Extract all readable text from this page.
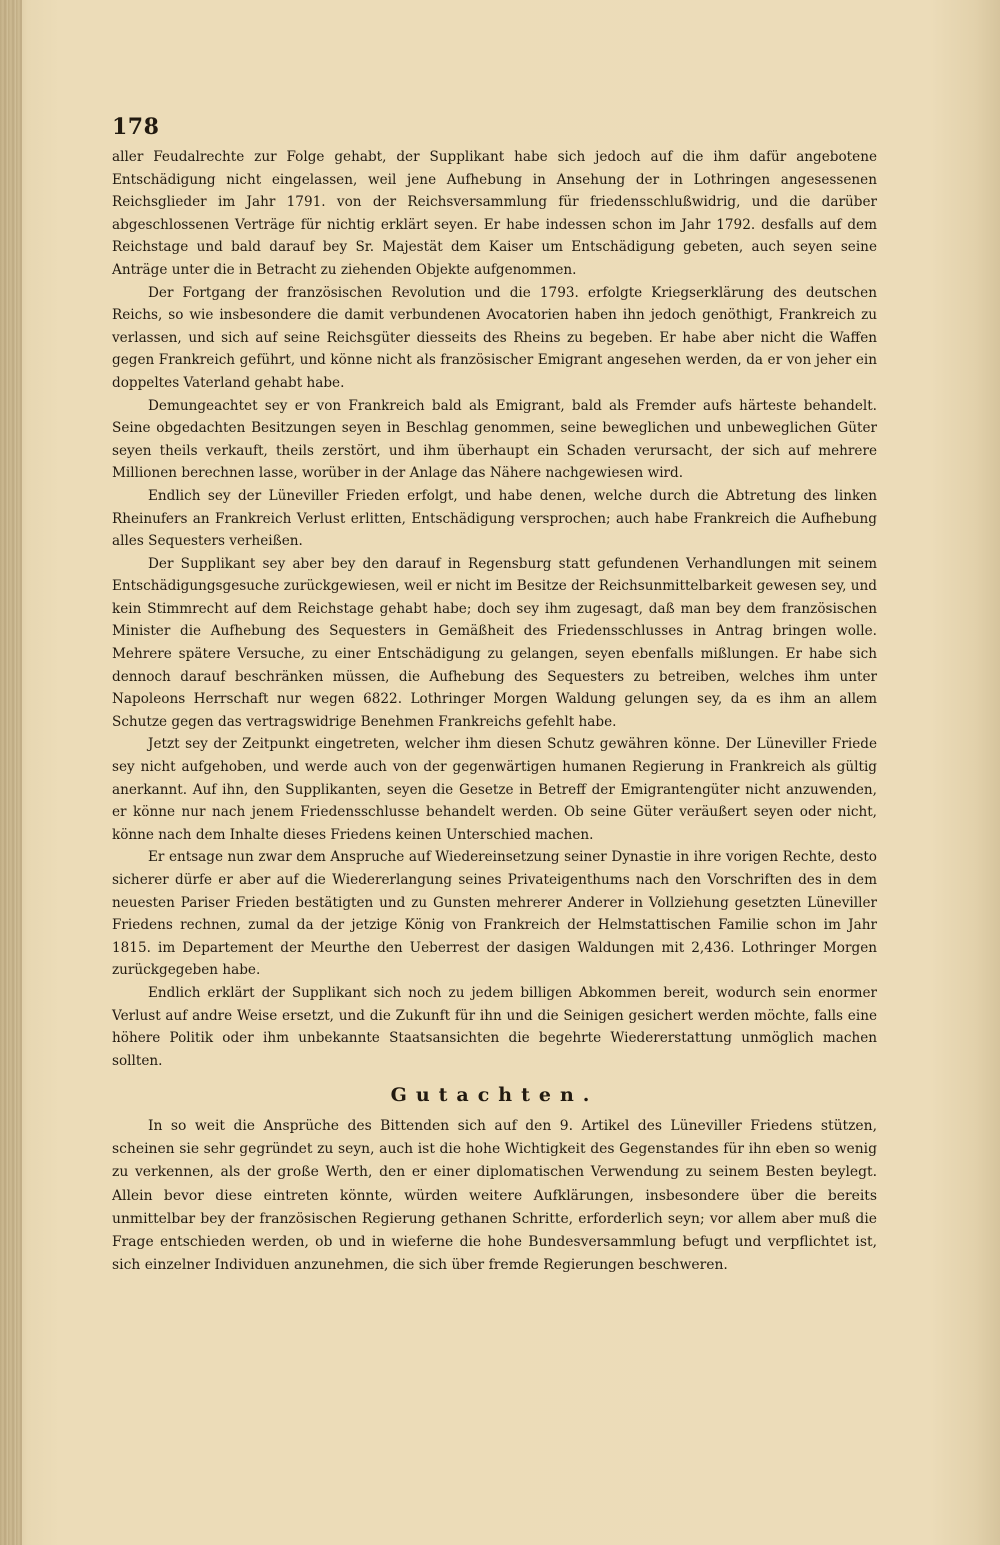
178

aller Feudalrechte zur Folge gehabt, der Supplikant habe sich jedoch auf die ihm dafür angebotene Entschädigung nicht eingelassen, weil jene Aufhebung in Ansehung der in Lothringen angesessenen Reichsglieder im Jahr 1791. von der Reichsversammlung für friedensschlußwidrig, und die darüber abgeschlossenen Verträge für nichtig erklärt seyen. Er habe indessen schon im Jahr 1792. desfalls auf dem Reichstage und bald darauf bey Sr. Majestät dem Kaiser um Entschädigung gebeten, auch seyen seine Anträge unter die in Betracht zu ziehenden Objekte aufgenommen.

Der Fortgang der französischen Revolution und die 1793. erfolgte Kriegserklärung des deutschen Reichs, so wie insbesondere die damit verbundenen Avocatorien haben ihn jedoch genöthigt, Frankreich zu verlassen, und sich auf seine Reichsgüter diesseits des Rheins zu begeben. Er habe aber nicht die Waffen gegen Frankreich geführt, und könne nicht als französischer Emigrant angesehen werden, da er von jeher ein doppeltes Vaterland gehabt habe.

Demungeachtet sey er von Frankreich bald als Emigrant, bald als Fremder aufs härteste behandelt. Seine obgedachten Besitzungen seyen in Beschlag genommen, seine beweglichen und unbeweglichen Güter seyen theils verkauft, theils zerstört, und ihm überhaupt ein Schaden verursacht, der sich auf mehrere Millionen berechnen lasse, worüber in der Anlage das Nähere nachgewiesen wird.

Endlich sey der Lüneviller Frieden erfolgt, und habe denen, welche durch die Abtretung des linken Rheinufers an Frankreich Verlust erlitten, Entschädigung versprochen; auch habe Frankreich die Aufhebung alles Sequesters verheißen.

Der Supplikant sey aber bey den darauf in Regensburg statt gefundenen Verhandlungen mit seinem Entschädigungsgesuche zurückgewiesen, weil er nicht im Besitze der Reichsunmittelbarkeit gewesen sey, und kein Stimmrecht auf dem Reichstage gehabt habe; doch sey ihm zugesagt, daß man bey dem französischen Minister die Aufhebung des Sequesters in Gemäßheit des Friedensschlusses in Antrag bringen wolle. Mehrere spätere Versuche, zu einer Entschädigung zu gelangen, seyen ebenfalls mißlungen. Er habe sich dennoch darauf beschränken müssen, die Aufhebung des Sequesters zu betreiben, welches ihm unter Napoleons Herrschaft nur wegen 6822. Lothringer Morgen Waldung gelungen sey, da es ihm an allem Schutze gegen das vertragswidrige Benehmen Frankreichs gefehlt habe.

Jetzt sey der Zeitpunkt eingetreten, welcher ihm diesen Schutz gewähren könne. Der Lüneviller Friede sey nicht aufgehoben, und werde auch von der gegenwärtigen humanen Regierung in Frankreich als gültig anerkannt. Auf ihn, den Supplikanten, seyen die Gesetze in Betreff der Emigrantengüter nicht anzuwenden, er könne nur nach jenem Friedensschlusse behandelt werden. Ob seine Güter veräußert seyen oder nicht, könne nach dem Inhalte dieses Friedens keinen Unterschied machen.

Er entsage nun zwar dem Anspruche auf Wiedereinsetzung seiner Dynastie in ihre vorigen Rechte, desto sicherer dürfe er aber auf die Wiedererlangung seines Privateigenthums nach den Vorschriften des in dem neuesten Pariser Frieden bestätigten und zu Gunsten mehrerer Anderer in Vollziehung gesetzten Lüneviller Friedens rechnen, zumal da der jetzige König von Frankreich der Helmstattischen Familie schon im Jahr 1815. im Departement der Meurthe den Ueberrest der dasigen Waldungen mit 2,436. Lothringer Morgen zurückgegeben habe.

Endlich erklärt der Supplikant sich noch zu jedem billigen Abkommen bereit, wodurch sein enormer Verlust auf andre Weise ersetzt, und die Zukunft für ihn und die Seinigen gesichert werden möchte, falls eine höhere Politik oder ihm unbekannte Staatsansichten die begehrte Wiedererstattung unmöglich machen sollten.

Gutachten.

In so weit die Ansprüche des Bittenden sich auf den 9. Artikel des Lüneviller Friedens stützen, scheinen sie sehr gegründet zu seyn, auch ist die hohe Wichtigkeit des Gegenstandes für ihn eben so wenig zu verkennen, als der große Werth, den er einer diplomatischen Verwendung zu seinem Besten beylegt. Allein bevor diese eintreten könnte, würden weitere Aufklärungen, insbesondere über die bereits unmittelbar bey der französischen Regierung gethanen Schritte, erforderlich seyn; vor allem aber muß die Frage entschieden werden, ob und in wieferne die hohe Bundesversammlung befugt und verpflichtet ist, sich einzelner Individuen anzunehmen, die sich über fremde Regierungen beschweren.
